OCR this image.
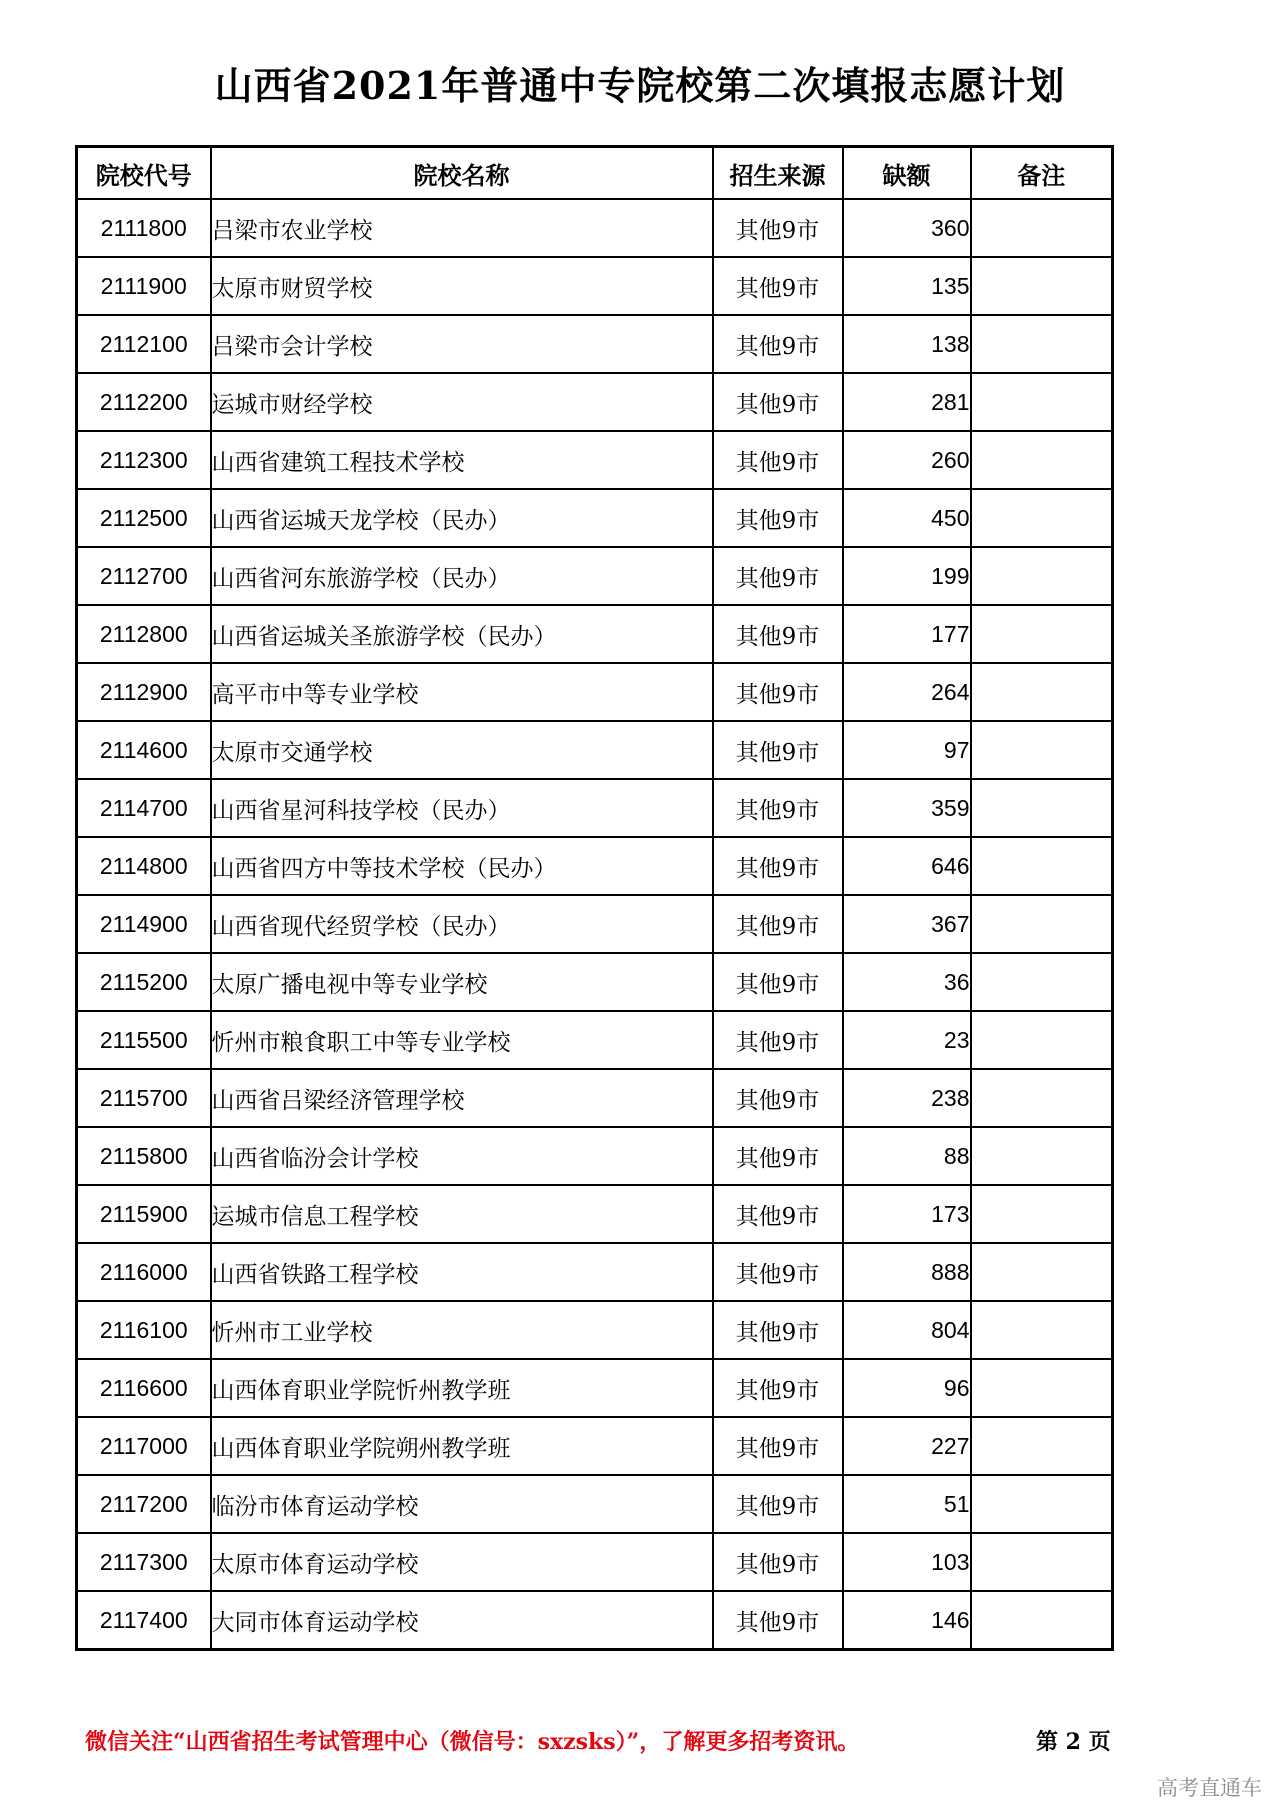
山西省2021年普通中专院校第二次填报志愿计划
院校代号	院校名称	招生来源	缺额	备注
2111800	吕梁市农业学校	其他9市	360	
2111900	太原市财贸学校	其他9市	135	
2112100	吕梁市会计学校	其他9市	138	
2112200	运城市财经学校	其他9市	281	
2112300	山西省建筑工程技术学校	其他9市	260	
2112500	山西省运城天龙学校（民办）	其他9市	450	
2112700	山西省河东旅游学校（民办）	其他9市	199	
2112800	山西省运城关圣旅游学校（民办）	其他9市	177	
2112900	高平市中等专业学校	其他9市	264	
2114600	太原市交通学校	其他9市	97	
2114700	山西省星河科技学校（民办）	其他9市	359	
2114800	山西省四方中等技术学校（民办）	其他9市	646	
2114900	山西省现代经贸学校（民办）	其他9市	367	
2115200	太原广播电视中等专业学校	其他9市	36	
2115500	忻州市粮食职工中等专业学校	其他9市	23	
2115700	山西省吕梁经济管理学校	其他9市	238	
2115800	山西省临汾会计学校	其他9市	88	
2115900	运城市信息工程学校	其他9市	173	
2116000	山西省铁路工程学校	其他9市	888	
2116100	忻州市工业学校	其他9市	804	
2116600	山西体育职业学院忻州教学班	其他9市	96	
2117000	山西体育职业学院朔州教学班	其他9市	227	
2117200	临汾市体育运动学校	其他9市	51	
2117300	太原市体育运动学校	其他9市	103	
2117400	大同市体育运动学校	其他9市	146	
微信关注“山西省招生考试管理中心（微信号：sxzsks）”，了解更多招考资讯。	第 2 页
高考直通车
